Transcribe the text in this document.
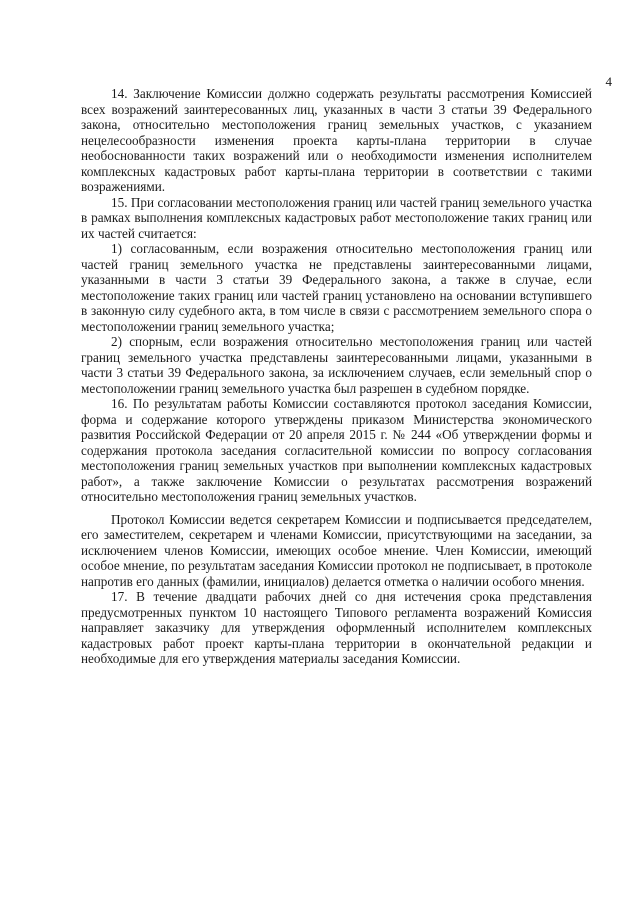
4

14. Заключение Комиссии должно содержать результаты рассмотрения Комиссией всех возражений заинтересованных лиц, указанных в части 3 статьи 39 Федерального закона, относительно местоположения границ земельных участков, с указанием нецелесообразности изменения проекта карты-плана территории в случае необоснованности таких возражений или о необходимости изменения исполнителем комплексных кадастровых работ карты-плана территории в соответствии с такими возражениями.

15. При согласовании местоположения границ или частей границ земельного участка в рамках выполнения комплексных кадастровых работ местоположение таких границ или их частей считается:

1) согласованным, если возражения относительно местоположения границ или частей границ земельного участка не представлены заинтересованными лицами, указанными в части 3 статьи 39 Федерального закона, а также в случае, если местоположение таких границ или частей границ установлено на основании вступившего в законную силу судебного акта, в том числе в связи с рассмотрением земельного спора о местоположении границ земельного участка;

2) спорным, если возражения относительно местоположения границ или частей границ земельного участка представлены заинтересованными лицами, указанными в части 3 статьи 39 Федерального закона, за исключением случаев, если земельный спор о местоположении границ земельного участка был разрешен в судебном порядке.

16. По результатам работы Комиссии составляются протокол заседания Комиссии, форма и содержание которого утверждены приказом Министерства экономического развития Российской Федерации от 20 апреля 2015 г. № 244 «Об утверждении формы и содержания протокола заседания согласительной комиссии по вопросу согласования местоположения границ земельных участков при выполнении комплексных кадастровых работ», а также заключение Комиссии о результатах рассмотрения возражений относительно местоположения границ земельных участков.

Протокол Комиссии ведется секретарем Комиссии и подписывается председателем, его заместителем, секретарем и членами Комиссии, присутствующими на заседании, за исключением членов Комиссии, имеющих особое мнение. Член Комиссии, имеющий особое мнение, по результатам заседания Комиссии протокол не подписывает, в протоколе напротив его данных (фамилии, инициалов) делается отметка о наличии особого мнения.

17. В течение двадцати рабочих дней со дня истечения срока представления предусмотренных пунктом 10 настоящего Типового регламента возражений Комиссия направляет заказчику для утверждения оформленный исполнителем комплексных кадастровых работ проект карты-плана территории в окончательной редакции и необходимые для его утверждения материалы заседания Комиссии.
